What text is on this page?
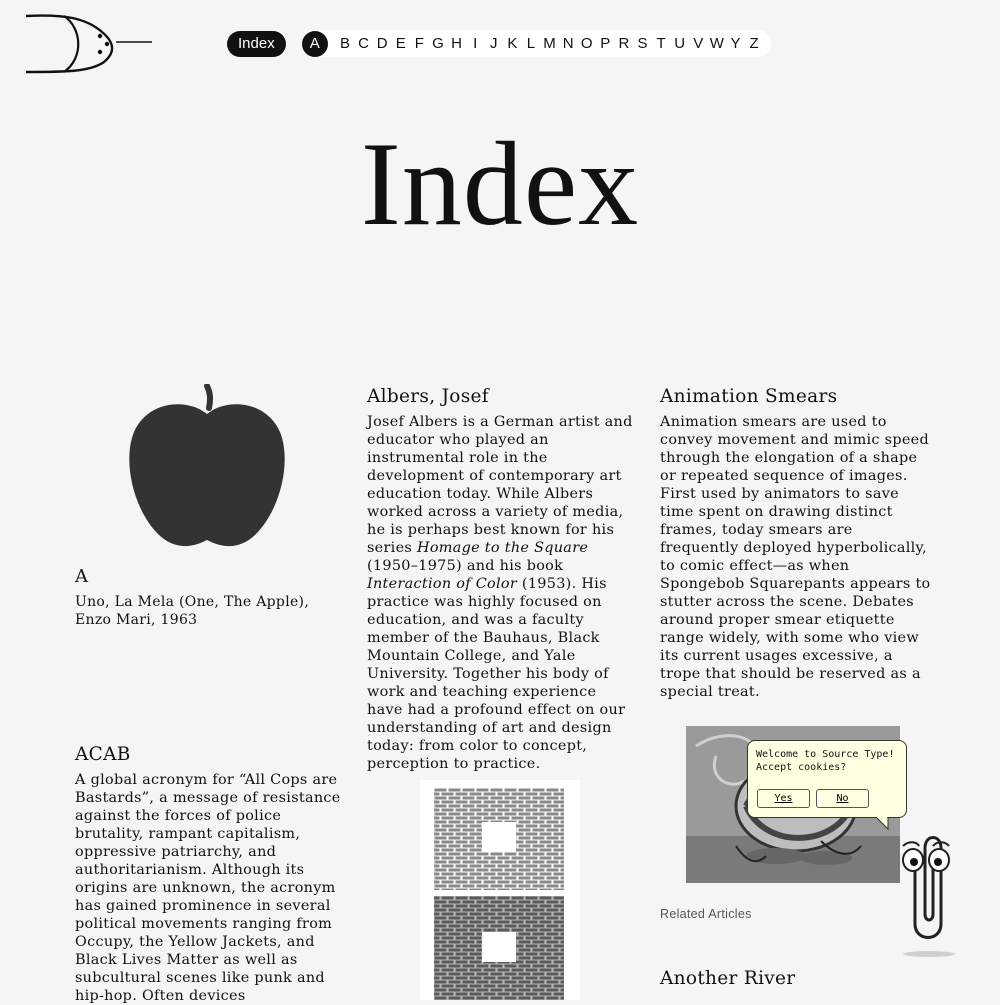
Index	A	B C D E F G H I J K L M N O P R S T U V W Y Z
Index
A

Uno, La Mela (One, The Apple),
Enzo Mari, 1963

Albers, Josef

Josef Albers is a German artist and educator who played an instrumental role in the development of contemporary art education today. While Albers worked across a variety of media, he is perhaps best known for his series Homage to the Square (1950–1975) and his book Interaction of Color (1953). His practice was highly focused on education, and was a faculty member of the Bauhaus, Black Mountain College, and Yale University. Together his body of work and teaching experience have had a profound effect on our understanding of art and design today: from color to concept, perception to practice.

Animation Smears

Animation smears are used to convey movement and mimic speed through the elongation of a shape or repeated sequence of images. First used by animators to save time spent on drawing distinct frames, today smears are frequently deployed hyperbolically, to comic effect—as when Spongebob Squarepants appears to stutter across the scene. Debates around proper smear etiquette range widely, with some who view its current usages excessive, a trope that should be reserved as a special treat.

ACAB

A global acronym for “All Cops are Bastards”, a message of resistance against the forces of police brutality, rampant capitalism, oppressive patriarchy, and authoritarianism. Although its origins are unknown, the acronym has gained prominence in several political movements ranging from Occupy, the Yellow Jackets, and Black Lives Matter as well as subcultural scenes like punk and hip-hop. Often devices

Welcome to Source Type! Accept cookies?
Yes	No
Related Articles
Another River
